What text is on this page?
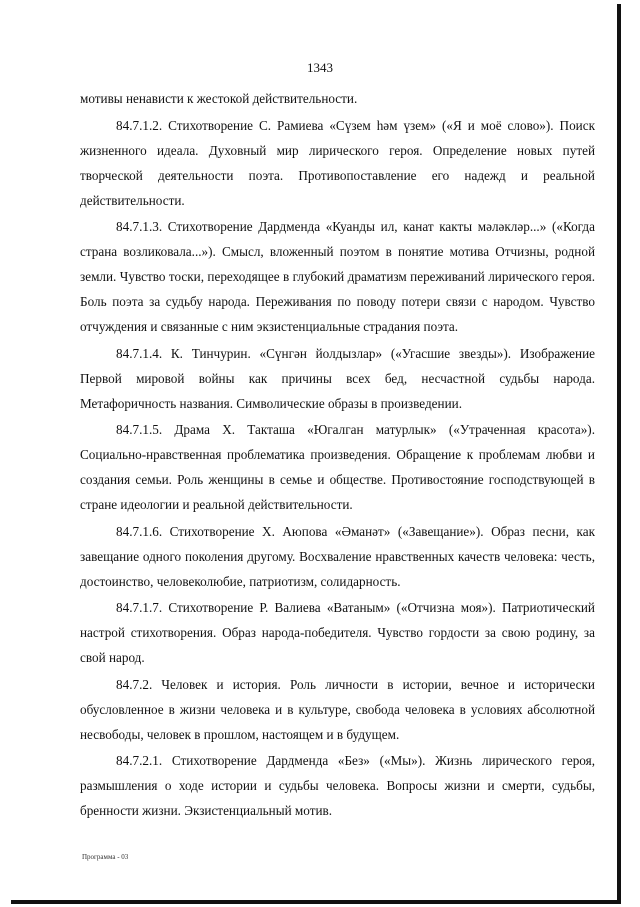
1343

мотивы ненависти к жестокой действительности.

84.7.1.2. Стихотворение С. Рамиева «Сүзем һәм үзем» («Я и моё слово»). Поиск жизненного идеала. Духовный мир лирического героя. Определение новых путей творческой деятельности поэта. Противопоставление его надежд и реальной действительности.

84.7.1.3. Стихотворение Дардменда «Куанды ил, канат какты мәләкләр...» («Когда страна возликовала...»). Смысл, вложенный поэтом в понятие мотива Отчизны, родной земли. Чувство тоски, переходящее в глубокий драматизм переживаний лирического героя. Боль поэта за судьбу народа. Переживания по поводу потери связи с народом. Чувство отчуждения и связанные с ним экзистенциальные страдания поэта.

84.7.1.4. К. Тинчурин. «Сүнгән йолдызлар» («Угасшие звезды»). Изображение Первой мировой войны как причины всех бед, несчастной судьбы народа. Метафоричность названия. Символические образы в произведении.

84.7.1.5. Драма Х. Такташа «Югалган матурлык» («Утраченная красота»). Социально-нравственная проблематика произведения. Обращение к проблемам любви и создания семьи. Роль женщины в семье и обществе. Противостояние господствующей в стране идеологии и реальной действительности.

84.7.1.6. Стихотворение Х. Аюпова «Әманәт» («Завещание»). Образ песни, как завещание одного поколения другому. Восхваление нравственных качеств человека: честь, достоинство, человеколюбие, патриотизм, солидарность.

84.7.1.7. Стихотворение Р. Валиева «Ватаным» («Отчизна моя»). Патриотический настрой стихотворения. Образ народа-победителя. Чувство гордости за свою родину, за свой народ.

84.7.2. Человек и история. Роль личности в истории, вечное и исторически обусловленное в жизни человека и в культуре, свобода человека в условиях абсолютной несвободы, человек в прошлом, настоящем и в будущем.

84.7.2.1. Стихотворение Дардменда «Без» («Мы»). Жизнь лирического героя, размышления о ходе истории и судьбы человека. Вопросы жизни и смерти, судьбы, бренности жизни. Экзистенциальный мотив.

Программа - 03
